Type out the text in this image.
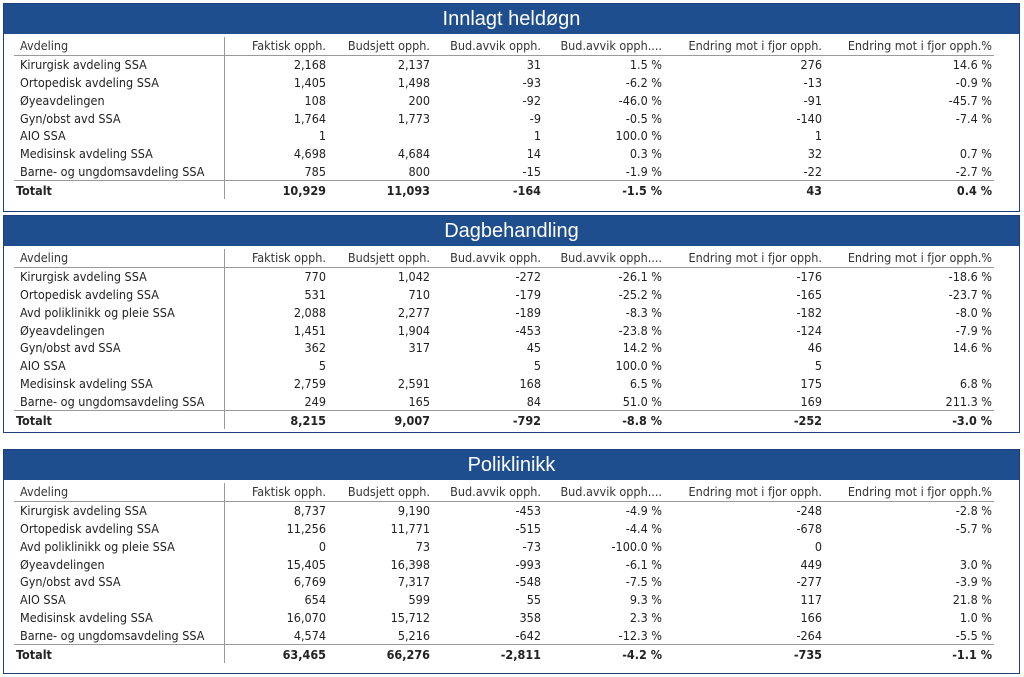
Innlagt heldøgn
Avdeling	Faktisk opph.	Budsjett opph.	Bud.avvik opph.	Bud.avvik opph....	Endring mot i fjor opph.	Endring mot i fjor opph.%
Kirurgisk avdeling SSA	2,168	2,137	31	1.5 %	276	14.6 %
Ortopedisk avdeling SSA	1,405	1,498	-93	-6.2 %	-13	-0.9 %
Øyeavdelingen	108	200	-92	-46.0 %	-91	-45.7 %
Gyn/obst avd SSA	1,764	1,773	-9	-0.5 %	-140	-7.4 %
AIO SSA	1		1	100.0 %	1	
Medisinsk avdeling SSA	4,698	4,684	14	0.3 %	32	0.7 %
Barne- og ungdomsavdeling SSA	785	800	-15	-1.9 %	-22	-2.7 %
Totalt	10,929	11,093	-164	-1.5 %	43	0.4 %
Dagbehandling
Avdeling	Faktisk opph.	Budsjett opph.	Bud.avvik opph.	Bud.avvik opph....	Endring mot i fjor opph.	Endring mot i fjor opph.%
Kirurgisk avdeling SSA	770	1,042	-272	-26.1 %	-176	-18.6 %
Ortopedisk avdeling SSA	531	710	-179	-25.2 %	-165	-23.7 %
Avd poliklinikk og pleie SSA	2,088	2,277	-189	-8.3 %	-182	-8.0 %
Øyeavdelingen	1,451	1,904	-453	-23.8 %	-124	-7.9 %
Gyn/obst avd SSA	362	317	45	14.2 %	46	14.6 %
AIO SSA	5		5	100.0 %	5	
Medisinsk avdeling SSA	2,759	2,591	168	6.5 %	175	6.8 %
Barne- og ungdomsavdeling SSA	249	165	84	51.0 %	169	211.3 %
Totalt	8,215	9,007	-792	-8.8 %	-252	-3.0 %
Poliklinikk
Avdeling	Faktisk opph.	Budsjett opph.	Bud.avvik opph.	Bud.avvik opph....	Endring mot i fjor opph.	Endring mot i fjor opph.%
Kirurgisk avdeling SSA	8,737	9,190	-453	-4.9 %	-248	-2.8 %
Ortopedisk avdeling SSA	11,256	11,771	-515	-4.4 %	-678	-5.7 %
Avd poliklinikk og pleie SSA	0	73	-73	-100.0 %	0	
Øyeavdelingen	15,405	16,398	-993	-6.1 %	449	3.0 %
Gyn/obst avd SSA	6,769	7,317	-548	-7.5 %	-277	-3.9 %
AIO SSA	654	599	55	9.3 %	117	21.8 %
Medisinsk avdeling SSA	16,070	15,712	358	2.3 %	166	1.0 %
Barne- og ungdomsavdeling SSA	4,574	5,216	-642	-12.3 %	-264	-5.5 %
Totalt	63,465	66,276	-2,811	-4.2 %	-735	-1.1 %
